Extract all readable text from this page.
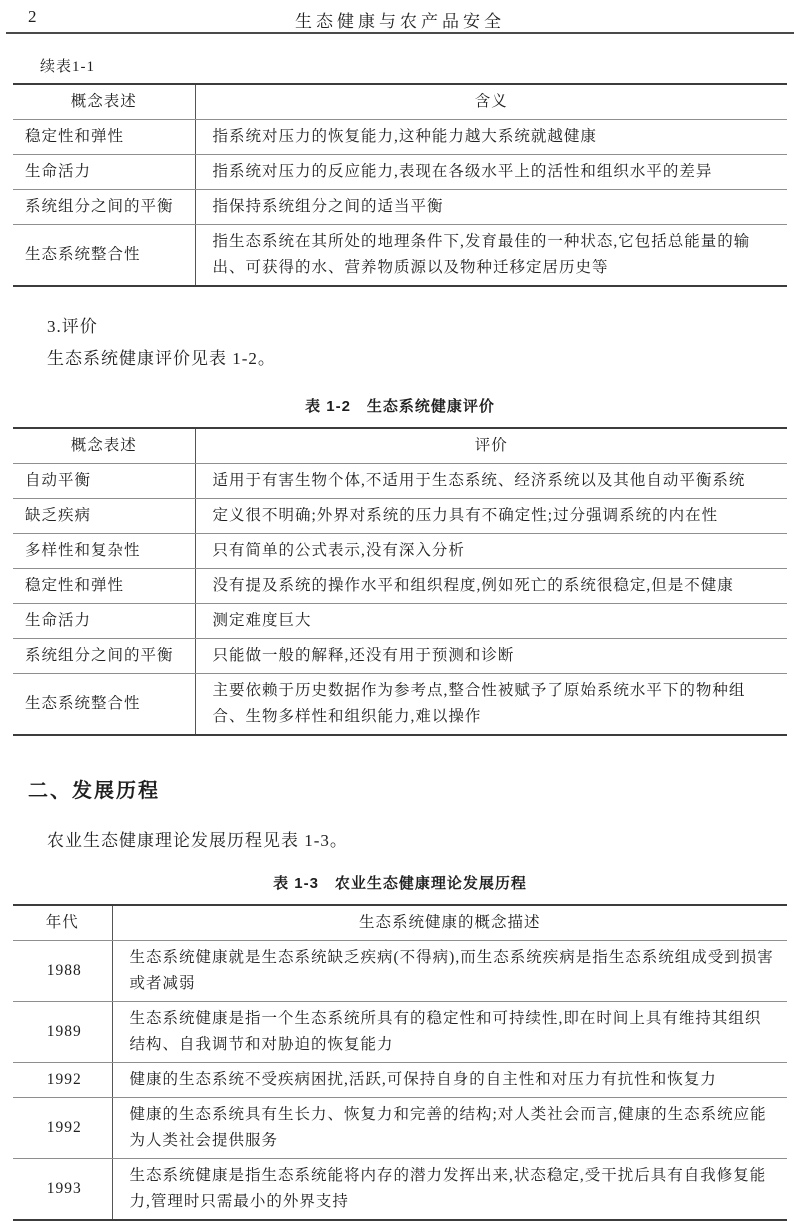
2	生态健康与农产品安全
续表1-1
概念表述	含义
稳定性和弹性	指系统对压力的恢复能力,这种能力越大系统就越健康
生命活力	指系统对压力的反应能力,表现在各级水平上的活性和组织水平的差异
系统组分之间的平衡	指保持系统组分之间的适当平衡
生态系统整合性	指生态系统在其所处的地理条件下,发育最佳的一种状态,它包括总能量的输出、可获得的水、营养物质源以及物种迁移定居历史等
3.评价
生态系统健康评价见表 1-2。
表 1-2　生态系统健康评价
概念表述	评价
自动平衡	适用于有害生物个体,不适用于生态系统、经济系统以及其他自动平衡系统
缺乏疾病	定义很不明确;外界对系统的压力具有不确定性;过分强调系统的内在性
多样性和复杂性	只有简单的公式表示,没有深入分析
稳定性和弹性	没有提及系统的操作水平和组织程度,例如死亡的系统很稳定,但是不健康
生命活力	测定难度巨大
系统组分之间的平衡	只能做一般的解释,还没有用于预测和诊断
生态系统整合性	主要依赖于历史数据作为参考点,整合性被赋予了原始系统水平下的物种组合、生物多样性和组织能力,难以操作
二、发展历程
农业生态健康理论发展历程见表 1-3。
表 1-3　农业生态健康理论发展历程
年代	生态系统健康的概念描述
1988	生态系统健康就是生态系统缺乏疾病(不得病),而生态系统疾病是指生态系统组成受到损害或者减弱
1989	生态系统健康是指一个生态系统所具有的稳定性和可持续性,即在时间上具有维持其组织结构、自我调节和对胁迫的恢复能力
1992	健康的生态系统不受疾病困扰,活跃,可保持自身的自主性和对压力有抗性和恢复力
1992	健康的生态系统具有生长力、恢复力和完善的结构;对人类社会而言,健康的生态系统应能为人类社会提供服务
1993	生态系统健康是指生态系统能将内存的潜力发挥出来,状态稳定,受干扰后具有自我修复能力,管理时只需最小的外界支持
